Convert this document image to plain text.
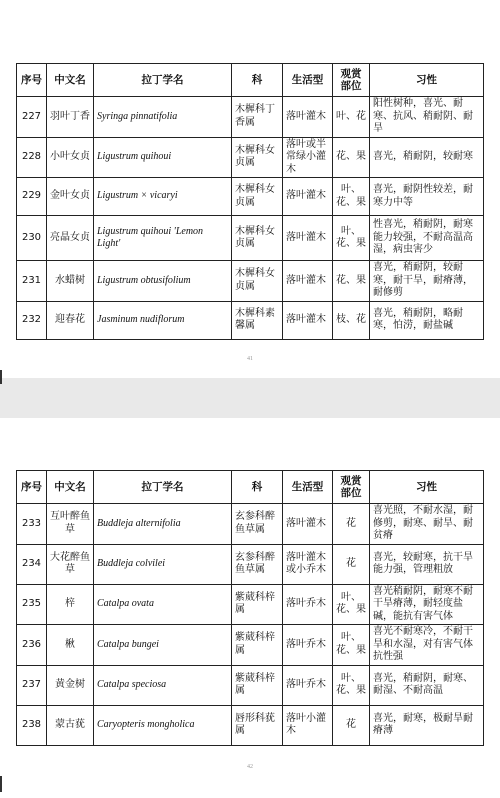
序号	中文名	拉丁学名	科	生活型	观赏部位	习性
227	羽叶丁香	Syringa pinnatifolia	木樨科丁香属	落叶灌木	叶、花	阳性树种，喜光、耐寒、抗风、稍耐阴、耐旱
228	小叶女贞	Ligustrum quihoui	木樨科女贞属	落叶或半常绿小灌木	花、果	喜光，稍耐阴，较耐寒
229	金叶女贞	Ligustrum × vicaryi	木樨科女贞属	落叶灌木	叶、花、果	喜光，耐阴性较差，耐寒力中等
230	亮晶女贞	Ligustrum quihoui 'Lemon Light'	木樨科女贞属	落叶灌木	叶、花、果	性喜光，稍耐阴，耐寒能力较强，不耐高温高湿，病虫害少
231	水蜡树	Ligustrum obtusifolium	木樨科女贞属	落叶灌木	花、果	喜光，稍耐阴，较耐寒，耐干旱，耐瘠薄，耐修剪
232	迎春花	Jasminum nudiflorum	木樨科素馨属	落叶灌木	枝、花	喜光，稍耐阴，略耐寒，怕涝，耐盐碱
41
序号	中文名	拉丁学名	科	生活型	观赏部位	习性
233	互叶醉鱼草	Buddleja alternifolia	玄参科醉鱼草属	落叶灌木	花	喜光照，不耐水湿，耐修剪，耐寒、耐旱、耐贫瘠
234	大花醉鱼草	Buddleja colvilei	玄参科醉鱼草属	落叶灌木或小乔木	花	喜光，较耐寒，抗干旱能力强，管理粗放
235	梓	Catalpa ovata	紫葳科梓属	落叶乔木	叶、花、果	喜光稍耐阴，耐寒不耐干旱瘠薄，耐轻度盐碱，能抗有害气体
236	楸	Catalpa bungei	紫葳科梓属	落叶乔木	叶、花、果	喜光不耐寒冷，不耐干旱和水湿，对有害气体抗性强
237	黄金树	Catalpa speciosa	紫葳科梓属	落叶乔木	叶、花、果	喜光，稍耐阴，耐寒、耐湿、不耐高温
238	蒙古莸	Caryopteris mongholica	唇形科莸属	落叶小灌木	花	喜光，耐寒，极耐旱耐瘠薄
42
